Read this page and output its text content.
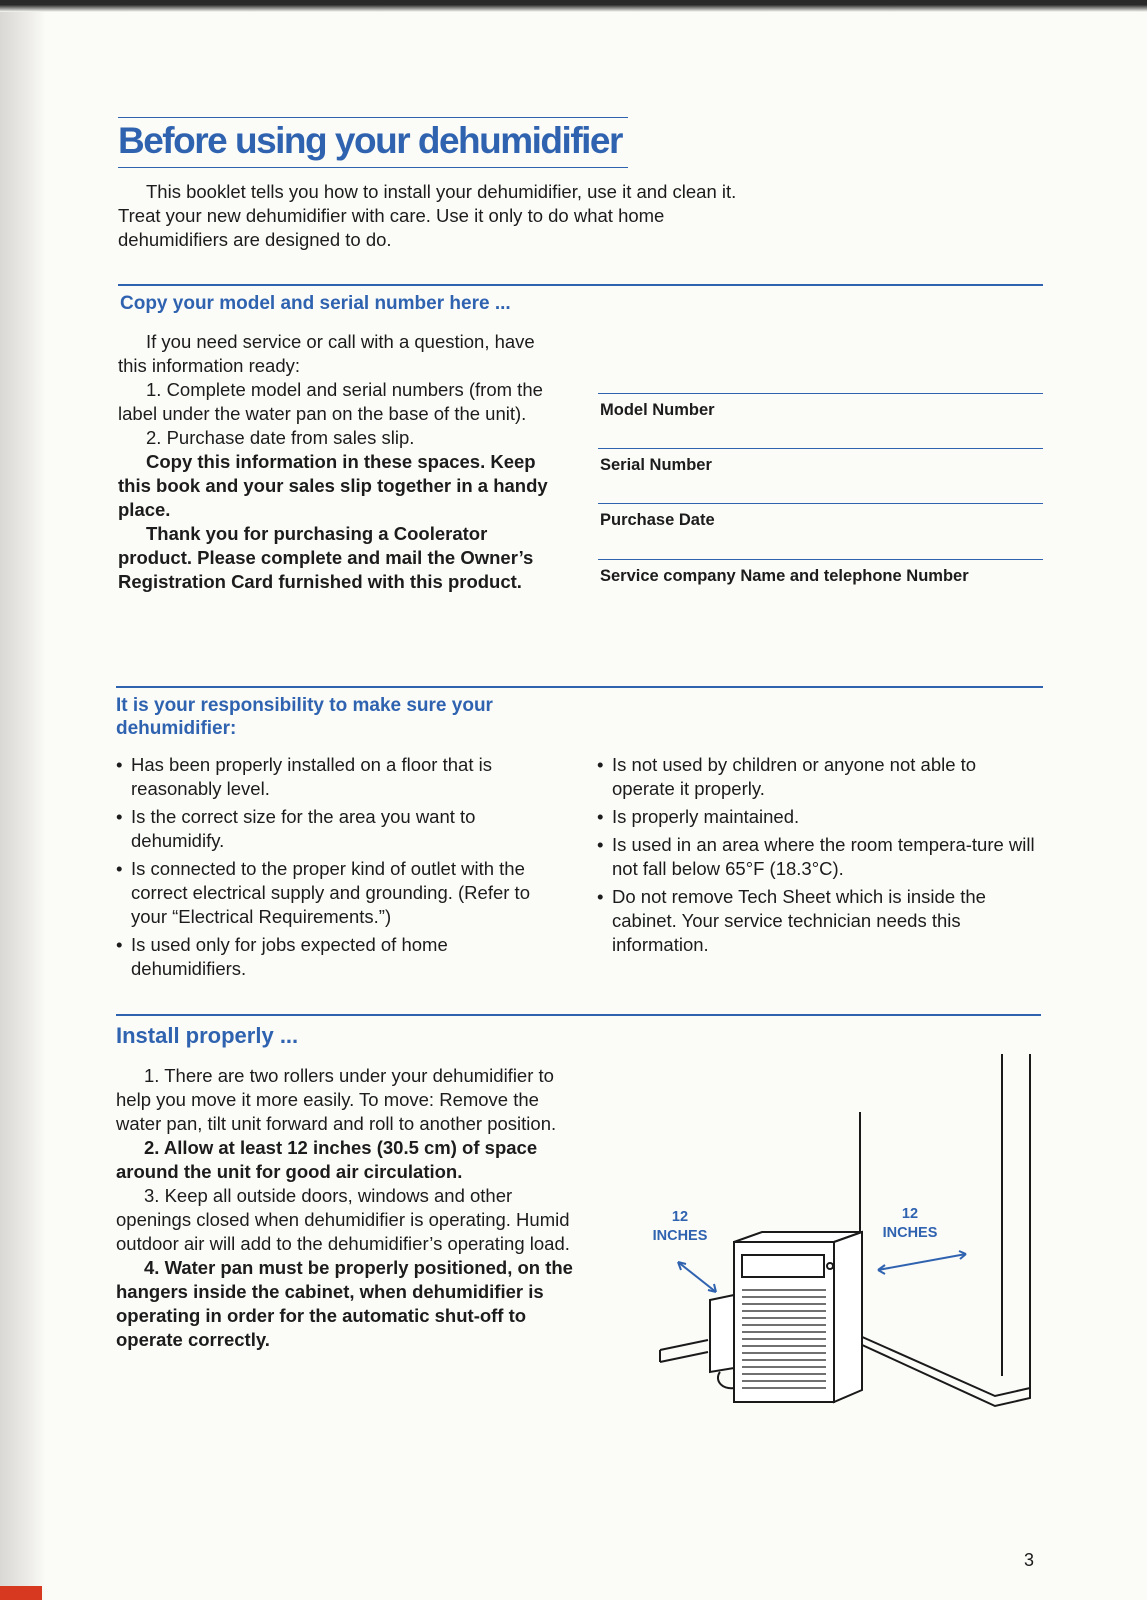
Before using your dehumidifier
This booklet tells you how to install your dehumidifier, use it and clean it. Treat your new dehumidifier with care. Use it only to do what home dehumidifiers are designed to do.
Copy your model and serial number here ...
If you need service or call with a question, have this information ready:
1. Complete model and serial numbers (from the label under the water pan on the base of the unit).
2. Purchase date from sales slip.
Copy this information in these spaces. Keep this book and your sales slip together in a handy place.
Thank you for purchasing a Coolerator product. Please complete and mail the Owner’s Registration Card furnished with this product.
Model Number
Serial Number
Purchase Date
Service company Name and telephone Number
It is your responsibility to make sure your dehumidifier:
• Has been properly installed on a floor that is reasonably level.
• Is the correct size for the area you want to dehumidify.
• Is connected to the proper kind of outlet with the correct electrical supply and grounding. (Refer to your “Electrical Requirements.”)
• Is used only for jobs expected of home dehumidifiers.
• Is not used by children or anyone not able to operate it properly.
• Is properly maintained.
• Is used in an area where the room tempera-ture will not fall below 65°F (18.3°C).
• Do not remove Tech Sheet which is inside the cabinet. Your service technician needs this information.
Install properly ...
1. There are two rollers under your dehumidifier to help you move it more easily. To move: Remove the water pan, tilt unit forward and roll to another position.
2. Allow at least 12 inches (30.5 cm) of space around the unit for good air circulation.
3. Keep all outside doors, windows and other openings closed when dehumidifier is operating. Humid outdoor air will add to the dehumidifier’s operating load.
4. Water pan must be properly positioned, on the hangers inside the cabinet, when dehumidifier is operating in order for the automatic shut-off to operate correctly.
12
INCHES
12
INCHES
3
